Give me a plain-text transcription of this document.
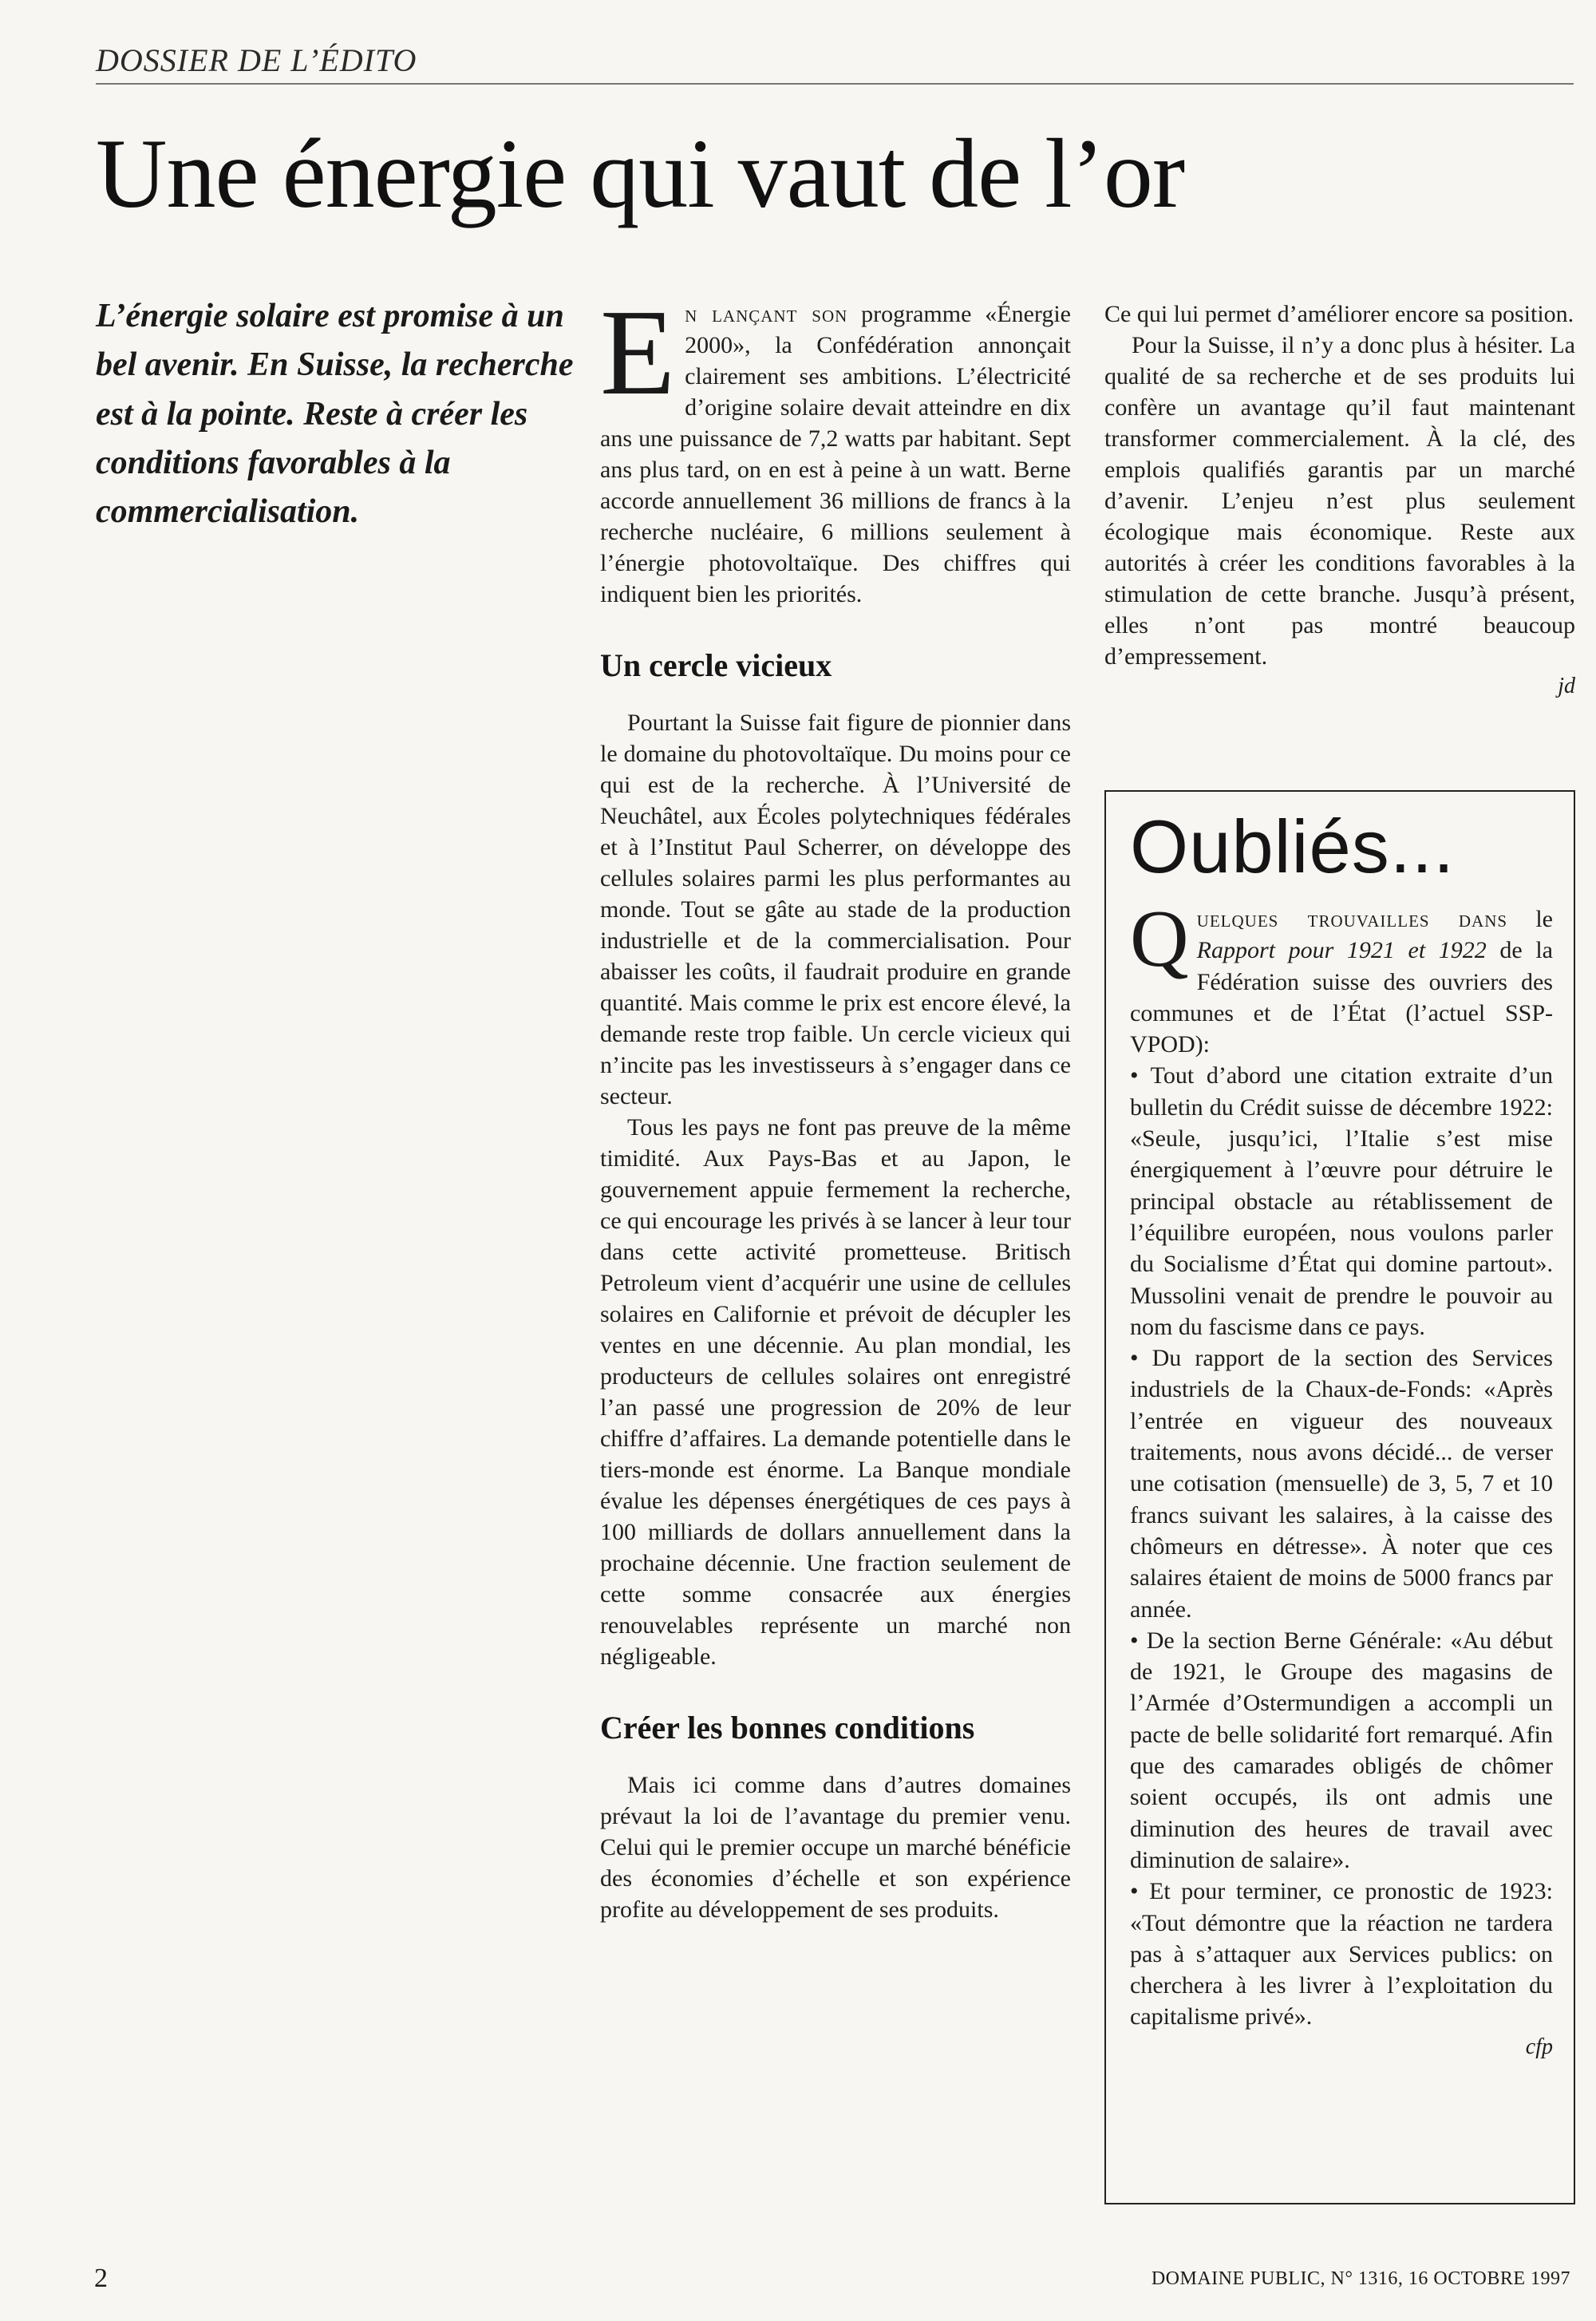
DOSSIER DE L’ÉDITO
Une énergie qui vaut de l’or

L’énergie solaire est promise à un bel avenir. En Suisse, la recherche est à la pointe. Reste à créer les conditions favorables à la commercialisation.

En lançant son programme «Énergie 2000», la Confédération annonçait clairement ses ambitions. L’électricité d’origine solaire devait atteindre en dix ans une puissance de 7,2 watts par habitant. Sept ans plus tard, on en est à peine à un watt. Berne accorde annuellement 36 millions de francs à la recherche nucléaire, 6 millions seulement à l’énergie photovoltaïque. Des chiffres qui indiquent bien les priorités.

Un cercle vicieux

Pourtant la Suisse fait figure de pionnier dans le domaine du photovoltaïque. Du moins pour ce qui est de la recherche. À l’Université de Neuchâtel, aux Écoles polytechniques fédérales et à l’Institut Paul Scherrer, on développe des cellules solaires parmi les plus performantes au monde. Tout se gâte au stade de la production industrielle et de la commercialisation. Pour abaisser les coûts, il faudrait produire en grande quantité. Mais comme le prix est encore élevé, la demande reste trop faible. Un cercle vicieux qui n’incite pas les investisseurs à s’engager dans ce secteur.

Tous les pays ne font pas preuve de la même timidité. Aux Pays-Bas et au Japon, le gouvernement appuie fermement la recherche, ce qui encourage les privés à se lancer à leur tour dans cette activité prometteuse. Britisch Petroleum vient d’acquérir une usine de cellules solaires en Californie et prévoit de décupler les ventes en une décennie. Au plan mondial, les producteurs de cellules solaires ont enregistré l’an passé une progression de 20% de leur chiffre d’affaires. La demande potentielle dans le tiers-monde est énorme. La Banque mondiale évalue les dépenses énergétiques de ces pays à 100 milliards de dollars annuellement dans la prochaine décennie. Une fraction seulement de cette somme consacrée aux énergies renouvelables représente un marché non négligeable.

Créer les bonnes conditions

Mais ici comme dans d’autres domaines prévaut la loi de l’avantage du premier venu. Celui qui le premier occupe un marché bénéficie des économies d’échelle et son expérience profite au développement de ses produits.

Ce qui lui permet d’améliorer encore sa position.

Pour la Suisse, il n’y a donc plus à hésiter. La qualité de sa recherche et de ses produits lui confère un avantage qu’il faut maintenant transformer commercialement. À la clé, des emplois qualifiés garantis par un marché d’avenir. L’enjeu n’est plus seulement écologique mais économique. Reste aux autorités à créer les conditions favorables à la stimulation de cette branche. Jusqu’à présent, elles n’ont pas montré beaucoup d’empressement.

jd
Oubliés...

Quelques trouvailles dans le Rapport pour 1921 et 1922 de la Fédération suisse des ouvriers des communes et de l’État (l’actuel SSP-VPOD):

• Tout d’abord une citation extraite d’un bulletin du Crédit suisse de décembre 1922: «Seule, jusqu’ici, l’Italie s’est mise énergiquement à l’œuvre pour détruire le principal obstacle au rétablissement de l’équilibre européen, nous voulons parler du Socialisme d’État qui domine partout». Mussolini venait de prendre le pouvoir au nom du fascisme dans ce pays.

• Du rapport de la section des Services industriels de la Chaux-de-Fonds: «Après l’entrée en vigueur des nouveaux traitements, nous avons décidé... de verser une cotisation (mensuelle) de 3, 5, 7 et 10 francs suivant les salaires, à la caisse des chômeurs en détresse». À noter que ces salaires étaient de moins de 5000 francs par année.

• De la section Berne Générale: «Au début de 1921, le Groupe des magasins de l’Armée d’Ostermundigen a accompli un pacte de belle solidarité fort remarqué. Afin que des camarades obligés de chômer soient occupés, ils ont admis une diminution des heures de travail avec diminution de salaire».

• Et pour terminer, ce pronostic de 1923: «Tout démontre que la réaction ne tardera pas à s’attaquer aux Services publics: on cherchera à les livrer à l’exploitation du capitalisme privé».

cfp
2	DOMAINE PUBLIC, N° 1316, 16 OCTOBRE 1997
